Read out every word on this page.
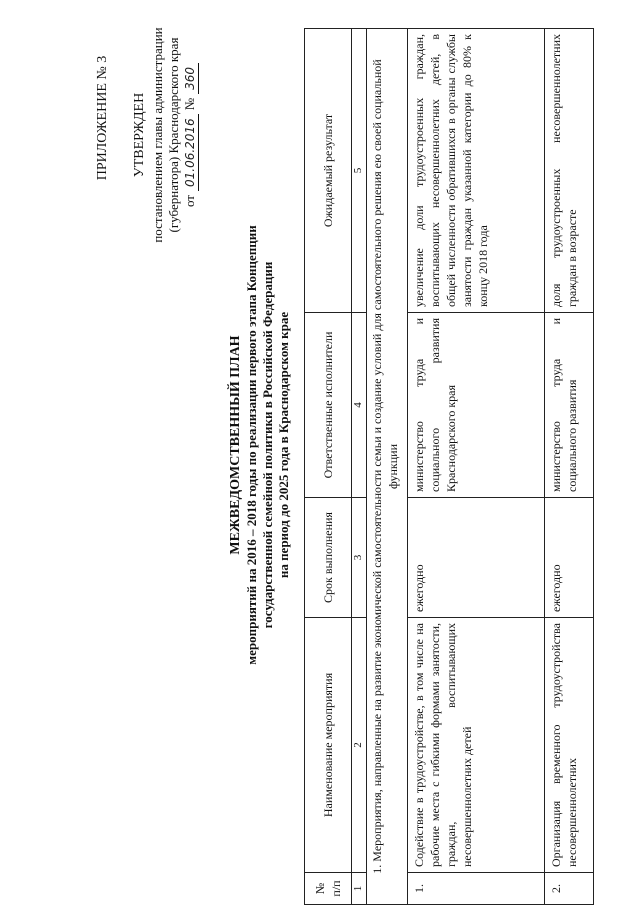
ПРИЛОЖЕНИЕ № 3 УТВЕРЖДЕН постановлением главы администрации (губернатора) Краснодарского края от
01.06.2016
№
360
МЕЖВЕДОМСТВЕННЫЙ ПЛАН мероприятий на 2016 – 2018 годы по реализации первого этапа Концепции государственной семейной политики в Российской Федерации на период до 2025 года в Краснодарском крае
№ п/п	Наименование мероприятия	Срок выполнения	Ответственные исполнители	Ожидаемый результат
1	2	3	4	5
1. Мероприятия, направленные на развитие экономической самостоятельности семьи и создание условий для самостоятельного решения ею своей социальной функции				
1.	Содействие в трудоустройстве, в том числе на рабочие места с гибкими формами занятости, граждан, воспитывающих несовершеннолетних детей	ежегодно	министерство труда и социального развития Краснодарского края	увеличение доли трудоустроенных граждан, воспитывающих несовершеннолетних детей, в общей численности обратившихся в органы службы занятости граждан указанной категории до 80% к концу 2018 года
2.	Организация временного трудоустройства несовершеннолетних	ежегодно	министерство труда и социального развития	доля трудоустроенных несовершеннолетних граждан в возрасте
